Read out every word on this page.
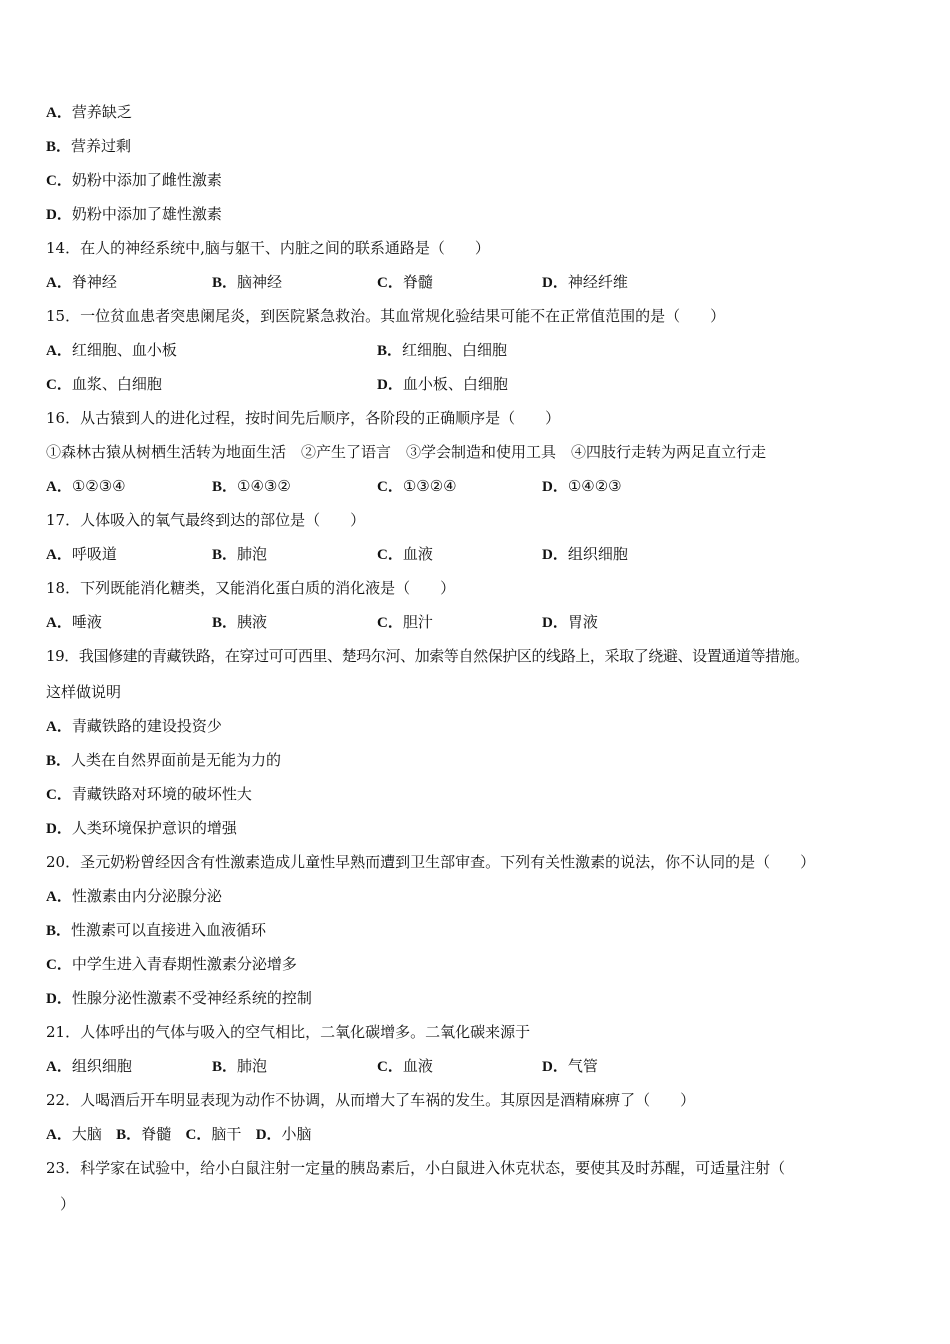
A．营养缺乏
B．营养过剩
C．奶粉中添加了雌性激素
D．奶粉中添加了雄性激素
14．在人的神经系统中,脑与躯干、内脏之间的联系通路是（　　）
A．脊神经	B．脑神经	C．脊髓	D．神经纤维
15．一位贫血患者突患阑尾炎，到医院紧急救治。其血常规化验结果可能不在正常值范围的是（　　）
A．红细胞、血小板	B．红细胞、白细胞
C．血浆、白细胞	D．血小板、白细胞
16．从古猿到人的进化过程，按时间先后顺序，各阶段的正确顺序是（　　）
①森林古猿从树栖生活转为地面生活　②产生了语言　③学会制造和使用工具　④四肢行走转为两足直立行走
A．①②③④	B．①④③②	C．①③②④	D．①④②③
17．人体吸入的氧气最终到达的部位是（　　）
A．呼吸道	B．肺泡	C．血液	D．组织细胞
18．下列既能消化糖类，又能消化蛋白质的消化液是（　　）
A．唾液	B．胰液	C．胆汁	D．胃液
19．我国修建的青藏铁路，在穿过可可西里、楚玛尔河、加索等自然保护区的线路上，采取了绕避、设置通道等措施。
这样做说明
A．青藏铁路的建设投资少
B．人类在自然界面前是无能为力的
C．青藏铁路对环境的破坏性大
D．人类环境保护意识的增强
20．圣元奶粉曾经因含有性激素造成儿童性早熟而遭到卫生部审查。下列有关性激素的说法，你不认同的是（　　）
A．性激素由内分泌腺分泌
B．性激素可以直接进入血液循环
C．中学生进入青春期性激素分泌增多
D．性腺分泌性激素不受神经系统的控制
21．人体呼出的气体与吸入的空气相比，二氧化碳增多。二氧化碳来源于
A．组织细胞	B．肺泡	C．血液	D．气管
22．人喝酒后开车明显表现为动作不协调，从而增大了车祸的发生。其原因是酒精麻痹了（　　）
A．大脑 B．脊髓 C．脑干 D．小脑
23．科学家在试验中，给小白鼠注射一定量的胰岛素后，小白鼠进入休克状态，要使其及时苏醒，可适量注射（
）
